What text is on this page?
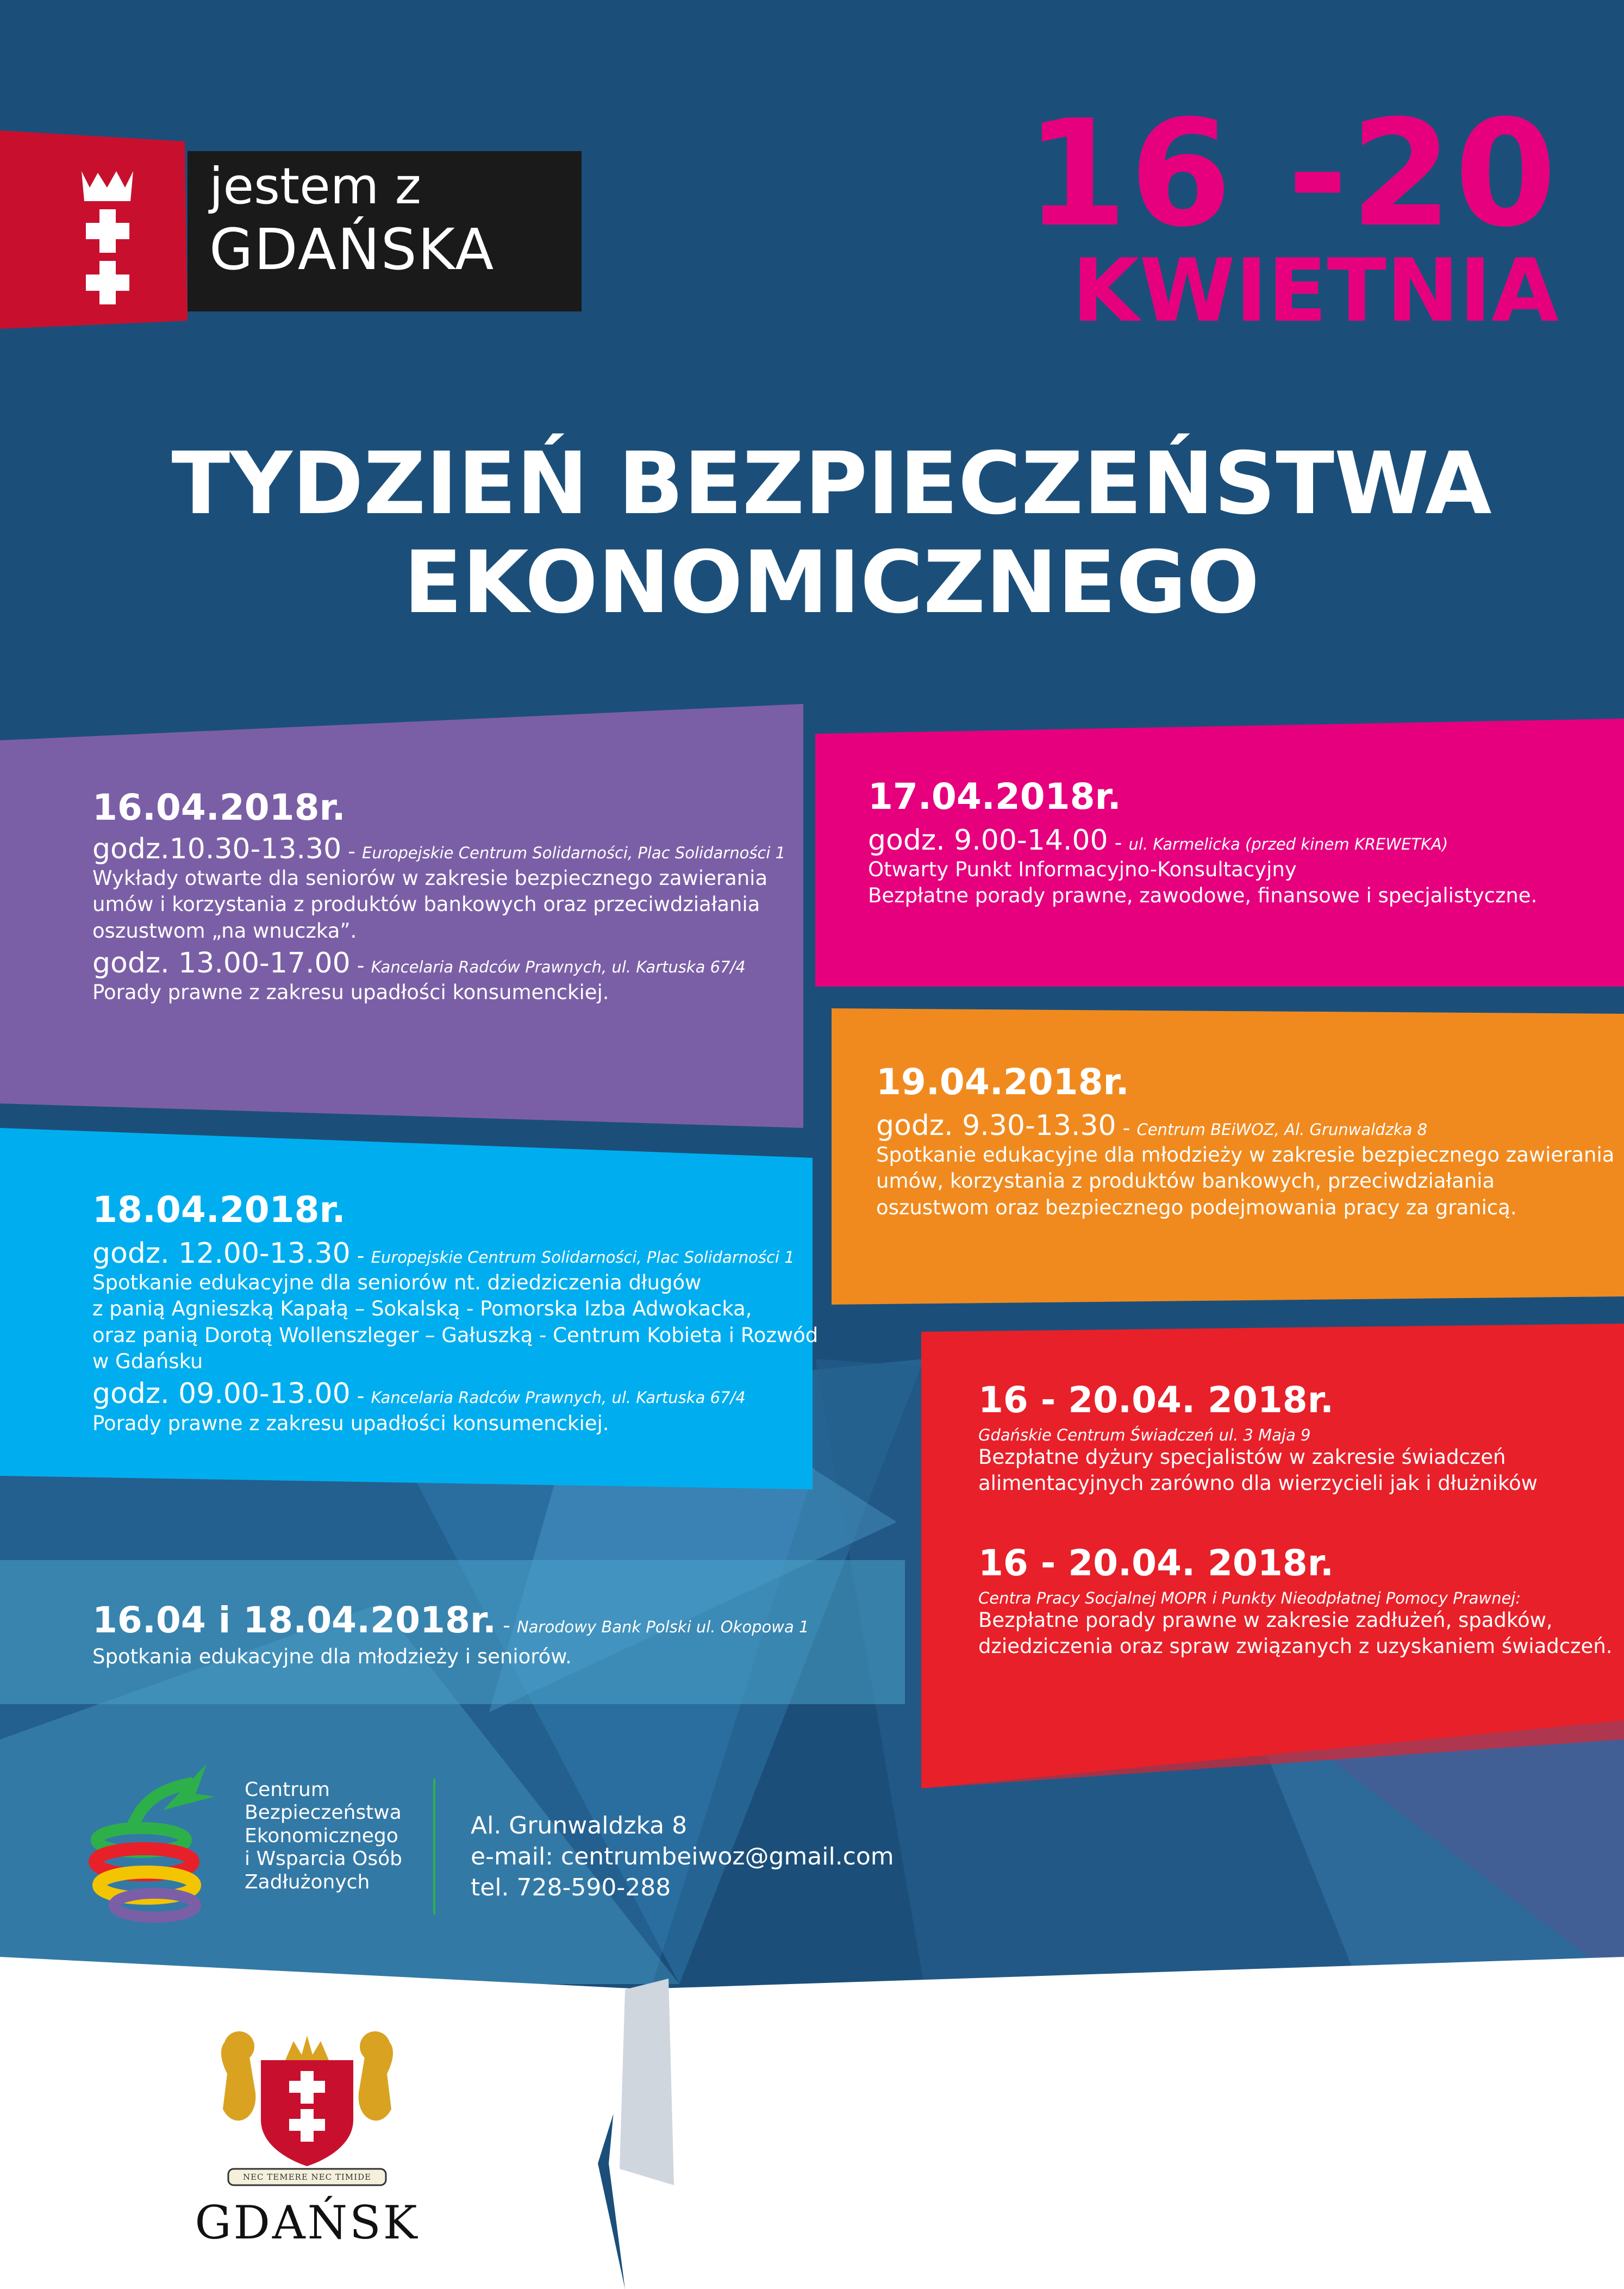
jestem z
GDAŃSKA	16 -20
KWIETNIA
TYDZIEŃ BEZPIECZEŃSTWA
EKONOMICZNEGO
16.04.2018r.
godz.10.30-13.30 - Europejskie Centrum Solidarności, Plac Solidarności 1
Wykłady otwarte dla seniorów w zakresie bezpiecznego zawierania
umów i korzystania z produktów bankowych oraz przeciwdziałania
oszustwom „na wnuczka”.
godz. 13.00-17.00 - Kancelaria Radców Prawnych, ul. Kartuska 67/4
Porady prawne z zakresu upadłości konsumenckiej.
17.04.2018r.
godz. 9.00-14.00 - ul. Karmelicka (przed kinem KREWETKA)
Otwarty Punkt Informacyjno-Konsultacyjny
Bezpłatne porady prawne, zawodowe, finansowe i specjalistyczne.
19.04.2018r.
godz. 9.30-13.30 - Centrum BEiWOZ, Al. Grunwaldzka 8
Spotkanie edukacyjne dla młodzieży w zakresie bezpiecznego zawierania
umów, korzystania z produktów bankowych, przeciwdziałania
oszustwom oraz bezpiecznego podejmowania pracy za granicą.
18.04.2018r.
godz. 12.00-13.30 - Europejskie Centrum Solidarności, Plac Solidarności 1
Spotkanie edukacyjne dla seniorów nt. dziedziczenia długów
z panią Agnieszką Kapałą – Sokalską - Pomorska Izba Adwokacka,
oraz panią Dorotą Wollenszleger – Gałuszką - Centrum Kobieta i Rozwód
w Gdańsku
godz. 09.00-13.00 - Kancelaria Radców Prawnych, ul. Kartuska 67/4
Porady prawne z zakresu upadłości konsumenckiej.
16 - 20.04. 2018r.
Gdańskie Centrum Świadczeń ul. 3 Maja 9
Bezpłatne dyżury specjalistów w zakresie świadczeń
alimentacyjnych zarówno dla wierzycieli jak i dłużników
16 - 20.04. 2018r.
Centra Pracy Socjalnej MOPR i Punkty Nieodpłatnej Pomocy Prawnej:
Bezpłatne porady prawne w zakresie zadłużeń, spadków,
dziedziczenia oraz spraw związanych z uzyskaniem świadczeń.
16.04 i 18.04.2018r. - Narodowy Bank Polski ul. Okopowa 1
Spotkania edukacyjne dla młodzieży i seniorów.
Centrum
Bezpieczeństwa
Ekonomicznego
i Wsparcia Osób
Zadłużonych
Al. Grunwaldzka 8
e-mail: centrumbeiwoz@gmail.com
tel. 728-590-288
NEC TEMERE NEC TIMIDE
GDAŃSK
